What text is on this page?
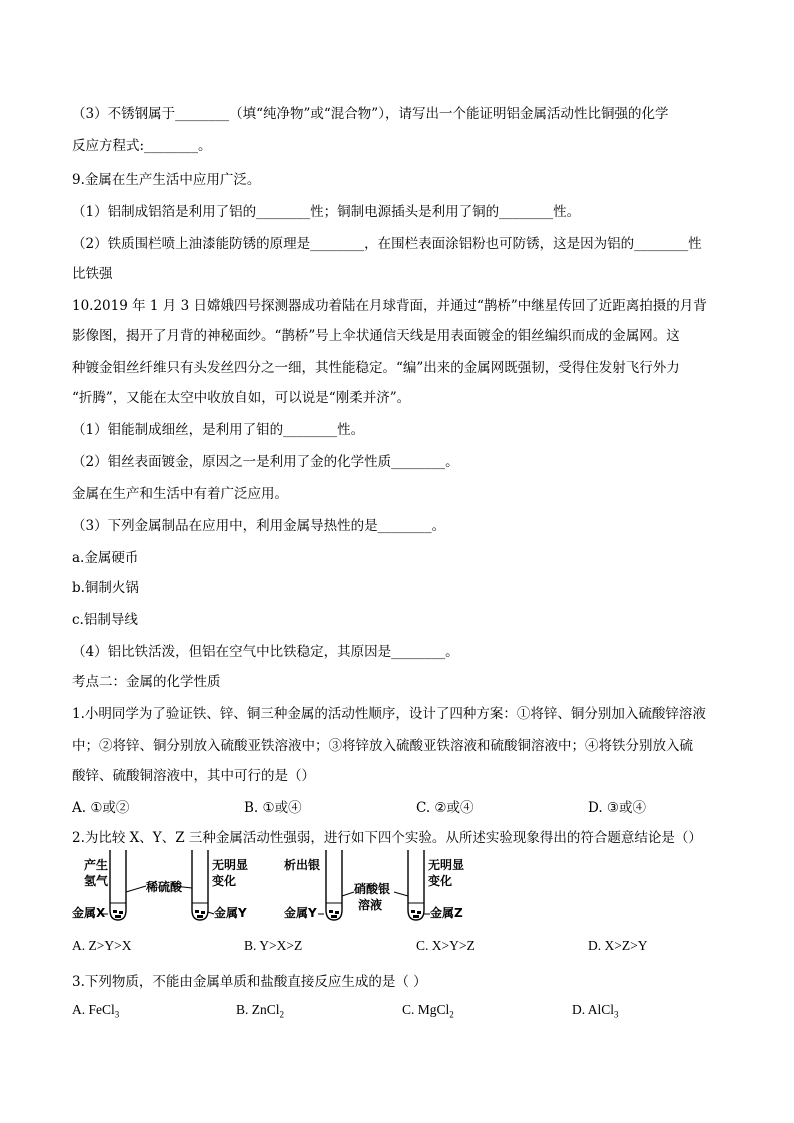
（3）不锈钢属于________（填“纯净物”或“混合物”），请写出一个能证明铝金属活动性比铜强的化学
反应方程式:________。
9.金属在生产生活中应用广泛。
（1）铝制成铝箔是利用了铝的________性；铜制电源插头是利用了铜的________性。
（2）铁质围栏喷上油漆能防锈的原理是________，在围栏表面涂铝粉也可防锈，这是因为铝的________性
比铁强
10.2019 年 1 月 3 日嫦娥四号探测器成功着陆在月球背面，并通过“鹊桥”中继星传回了近距离拍摄的月背
影像图，揭开了月背的神秘面纱。“鹊桥”号上伞状通信天线是用表面镀金的钼丝编织而成的金属网。这
种镀金钼丝纤维只有头发丝四分之一细，其性能稳定。“编”出来的金属网既强韧，受得住发射飞行外力
“折腾”，又能在太空中收放自如，可以说是“刚柔并济”。
（1）钼能制成细丝，是利用了钼的________性。
（2）钼丝表面镀金，原因之一是利用了金的化学性质________。
金属在生产和生活中有着广泛应用。
（3）下列金属制品在应用中，利用金属导热性的是________。
a.金属硬币
b.铜制火锅
c.铝制导线
（4）铝比铁活泼，但铝在空气中比铁稳定，其原因是________。
考点二：金属的化学性质
1.小明同学为了验证铁、锌、铜三种金属的活动性顺序，设计了四种方案：①将锌、铜分别加入硫酸锌溶液
中；②将锌、铜分别放入硫酸亚铁溶液中；③将锌放入硫酸亚铁溶液和硫酸铜溶液中；④将铁分别放入硫
酸锌、硫酸铜溶液中，其中可行的是（）
A. ①或②	B. ①或④	C. ②或④	D. ③或④
2.为比较 X、Y、Z 三种金属活动性强弱，进行如下四个实验。从所述实验现象得出的符合题意结论是（）
产生
氢气
金属X
稀硫酸
无明显
变化
金属Y
析出银
金属Y
硝酸银
溶液
无明显
变化
金属Z
A. Z>Y>X	B. Y>X>Z	C. X>Y>Z	D. X>Z>Y
3.下列物质，不能由金属单质和盐酸直接反应生成的是（ ）
A. FeCl$_3$	B. ZnCl$_2$	C. MgCl$_2$	D. AlCl$_3$
